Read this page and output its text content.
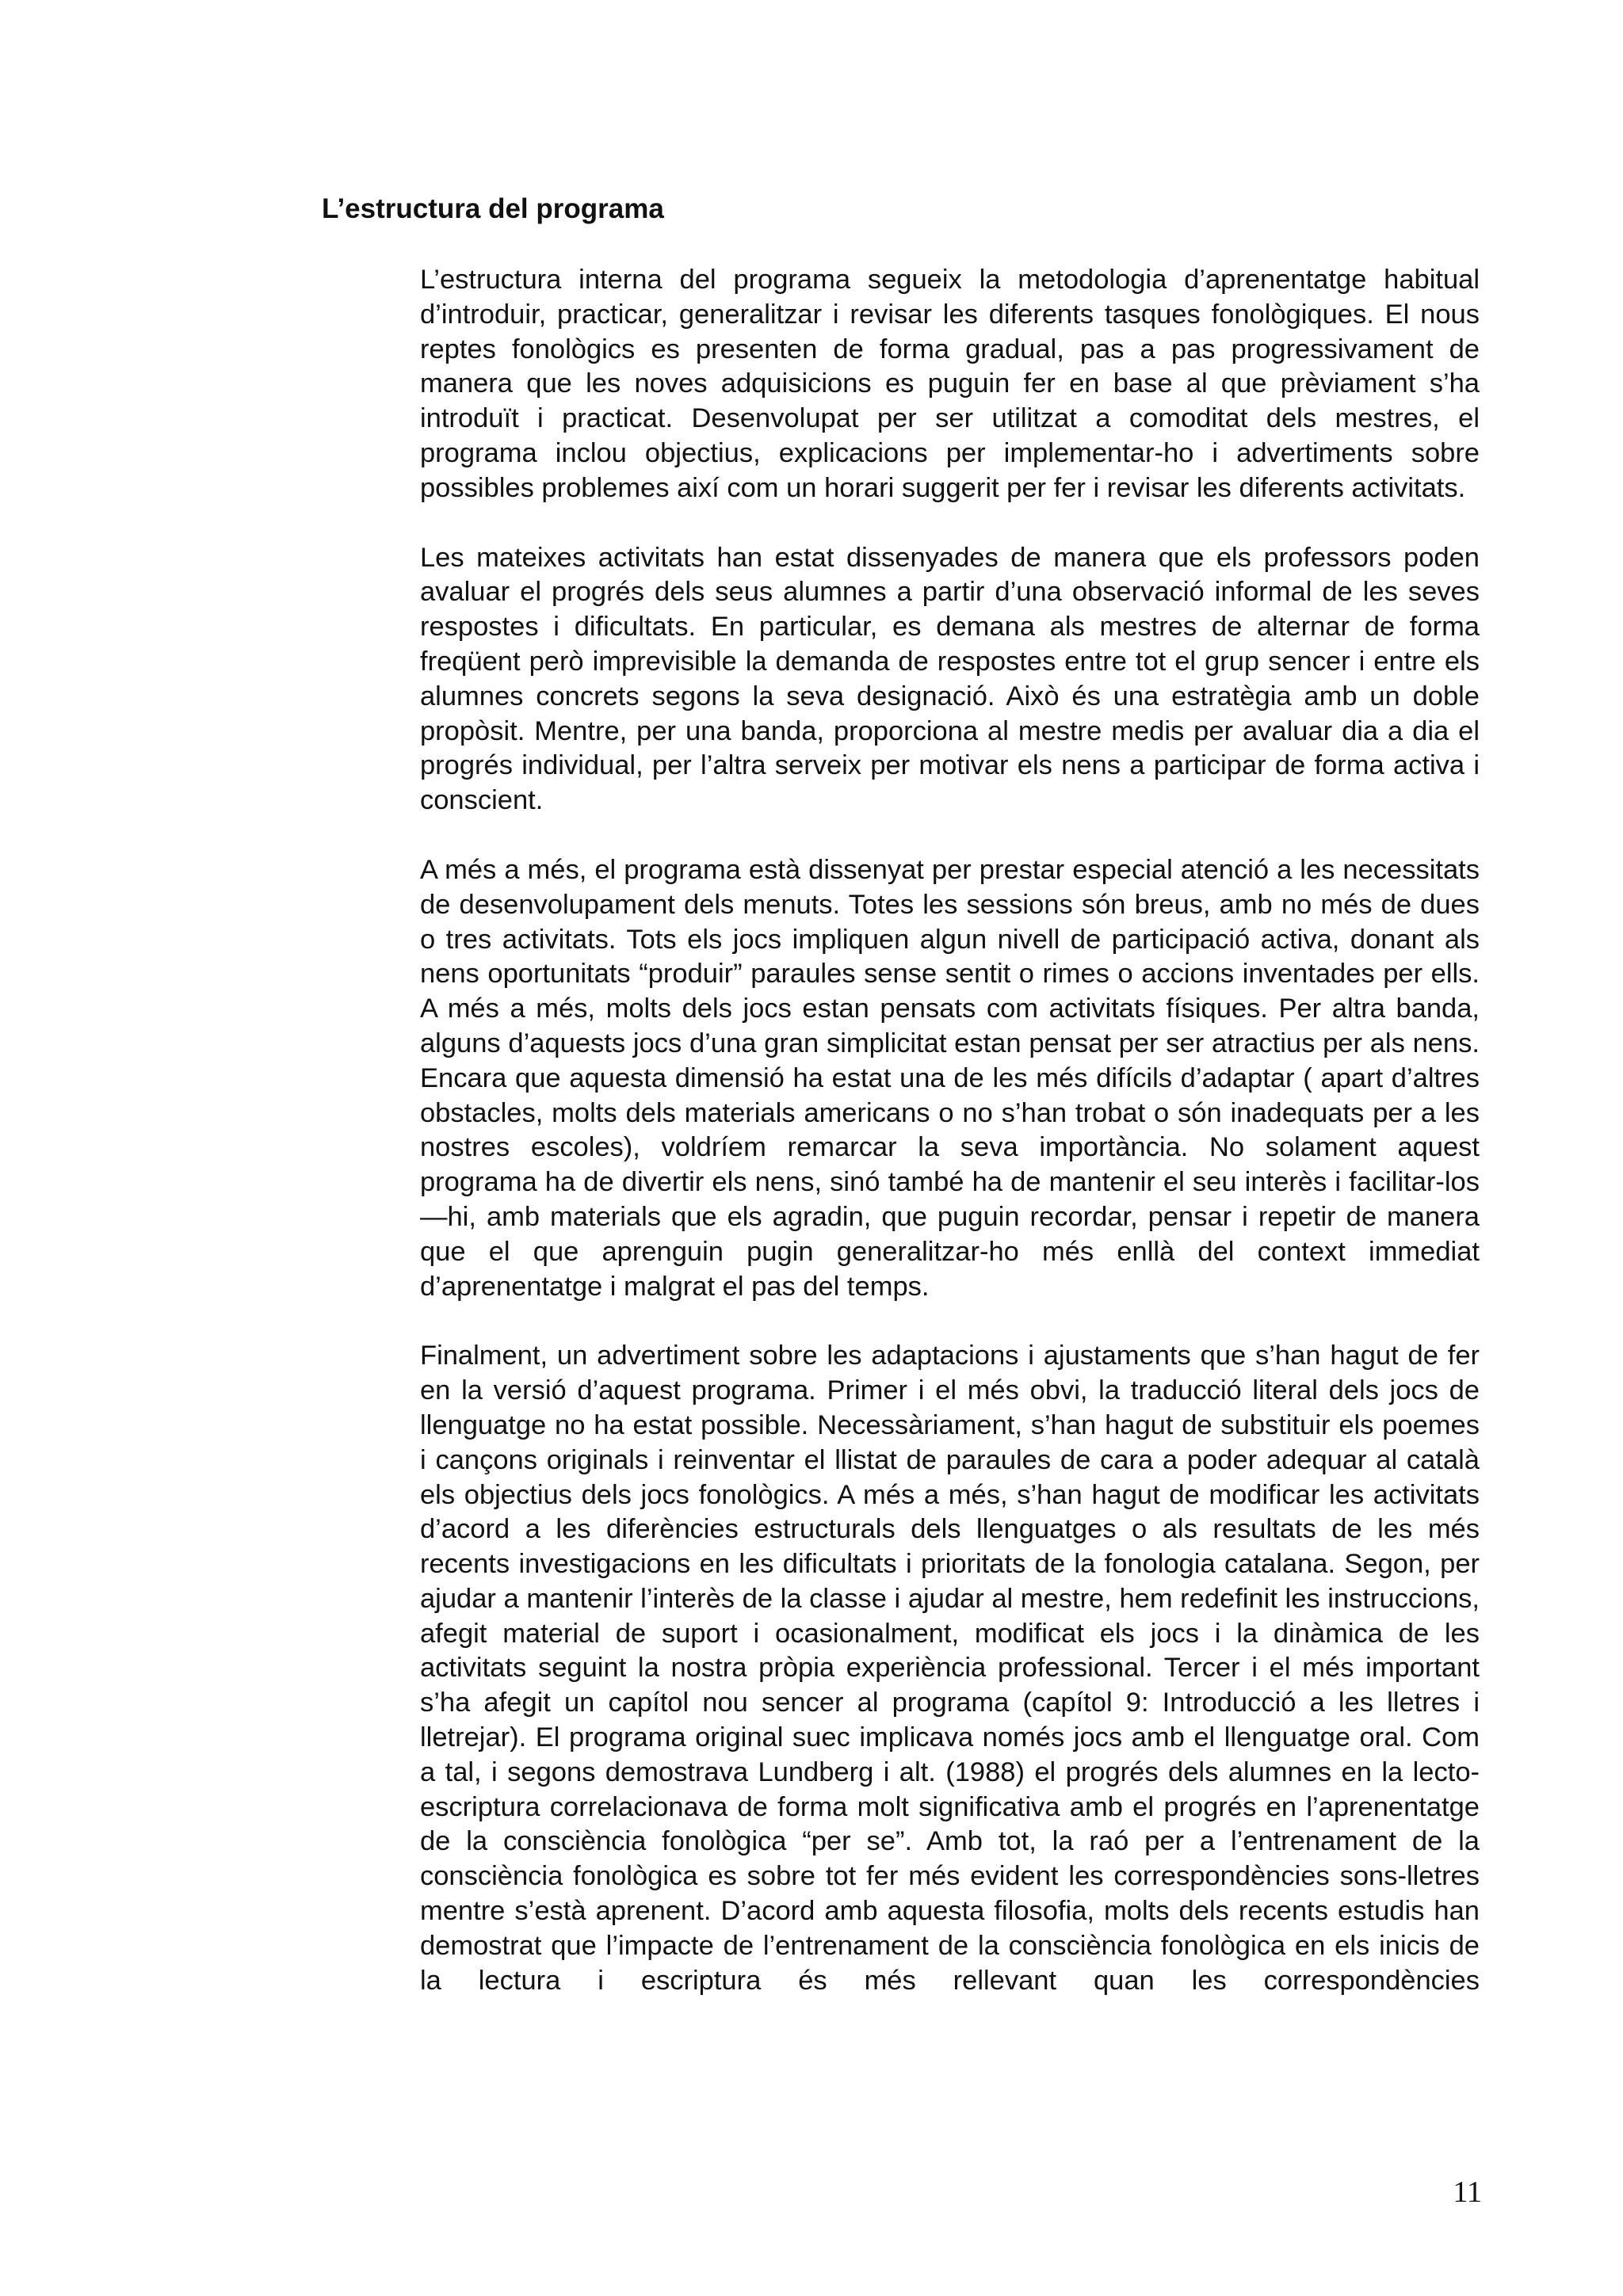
L’estructura del programa

L’estructura interna del programa segueix la metodologia d’aprenentatge habitual d’introduir, practicar, generalitzar i revisar les diferents tasques fonològiques. El nous reptes fonològics es presenten de forma gradual, pas a pas progressivament de manera que les noves adquisicions es puguin fer en base al que prèviament s’ha introduït i practicat. Desenvolupat per ser utilitzat a comoditat dels mestres, el programa inclou objectius, explicacions per implementar-ho i advertiments sobre possibles problemes així com un horari suggerit per fer i revisar les diferents activitats.

Les mateixes activitats han estat dissenyades de manera que els professors poden avaluar el progrés dels seus alumnes a partir d’una observació informal de les seves respostes i dificultats. En particular, es demana als mestres de alternar de forma freqüent però imprevisible la demanda de respostes entre tot el grup sencer i entre els alumnes concrets segons la seva designació. Això és una estratègia amb un doble propòsit. Mentre, per una banda, proporciona al mestre medis per avaluar dia a dia el progrés individual, per l’altra serveix per motivar els nens a participar de forma activa i conscient.

A més a més, el programa està dissenyat per prestar especial atenció a les necessitats de desenvolupament dels menuts. Totes les sessions són breus, amb no més de dues o tres activitats. Tots els jocs impliquen algun nivell de participació activa, donant als nens oportunitats “produir” paraules sense sentit o rimes o accions inventades per ells. A més a més, molts dels jocs estan pensats com activitats físiques. Per altra banda, alguns d’aquests jocs d’una gran simplicitat estan pensat per ser atractius per als nens. Encara que aquesta dimensió ha estat una de les més difícils d’adaptar ( apart d’altres obstacles, molts dels materials americans o no s’han trobat o són inadequats per a les nostres escoles), voldríem remarcar la seva importància. No solament aquest programa ha de divertir els nens, sinó també ha de mantenir el seu interès i facilitar-los—hi, amb materials que els agradin, que puguin recordar, pensar i repetir de manera que el que aprenguin pugin generalitzar-ho més enllà del context immediat d’aprenentatge i malgrat el pas del temps.

Finalment, un advertiment sobre les adaptacions i ajustaments que s’han hagut de fer en la versió d’aquest programa. Primer i el més obvi, la traducció literal dels jocs de llenguatge no ha estat possible. Necessàriament, s’han hagut de substituir els poemes i cançons originals i reinventar el llistat de paraules de cara a poder adequar al català els objectius dels jocs fonològics. A més a més, s’han hagut de modificar les activitats d’acord a les diferències estructurals dels llenguatges o als resultats de les més recents investigacions en les dificultats i prioritats de la fonologia catalana. Segon, per ajudar a mantenir l’interès de la classe i ajudar al mestre, hem redefinit les instruccions, afegit material de suport i ocasionalment, modificat els jocs i la dinàmica de les activitats seguint la nostra pròpia experiència professional. Tercer i el més important s’ha afegit un capítol nou sencer al programa (capítol 9: Introducció a les lletres i lletrejar). El programa original suec implicava només jocs amb el llenguatge oral. Com a tal, i segons demostrava Lundberg i alt. (1988) el progrés dels alumnes en la lecto-escriptura correlacionava de forma molt significativa amb el progrés en l’aprenentatge de la consciència fonològica “per se”. Amb tot, la raó per a l’entrenament de la consciència fonològica es sobre tot fer més evident les correspondències sons-lletres mentre s’està aprenent. D’acord amb aquesta filosofia, molts dels recents estudis han demostrat que l’impacte de l’entrenament de la consciència fonològica en els inicis de la lectura i escriptura és més rellevant quan les correspondències

11
